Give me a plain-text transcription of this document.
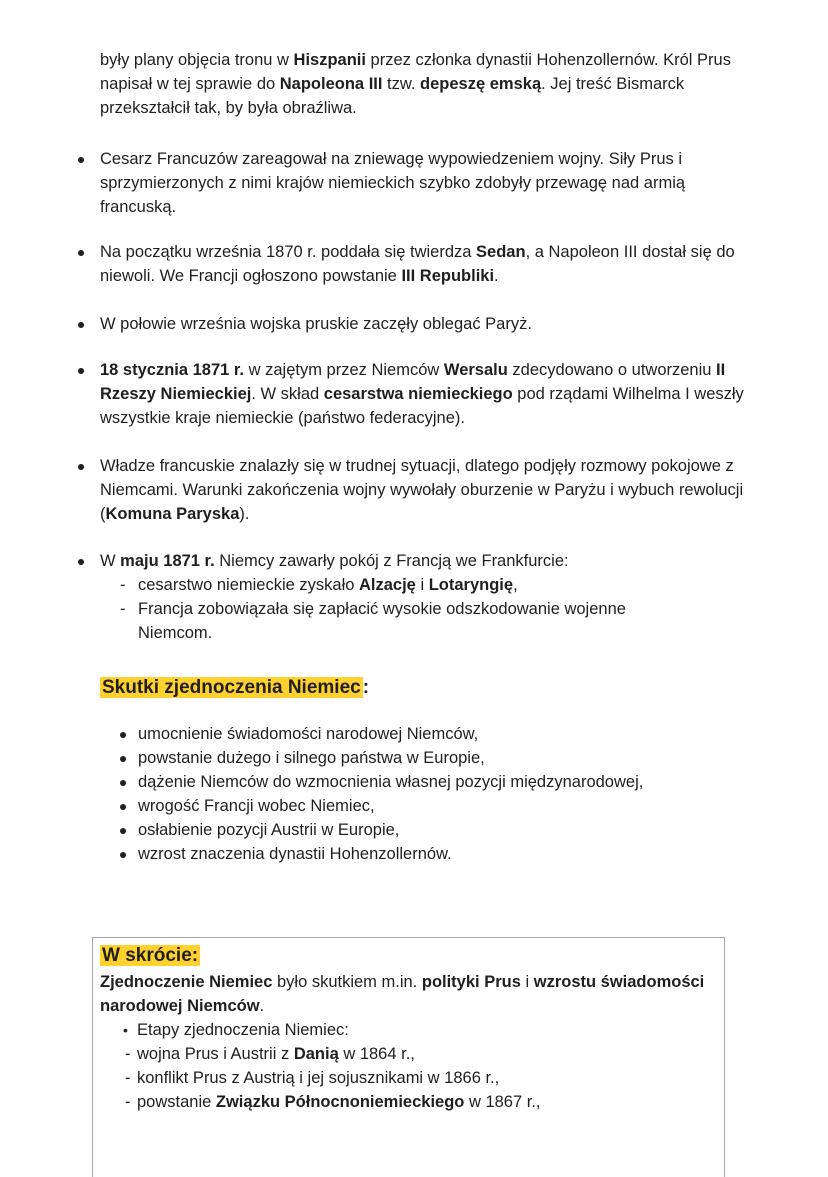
były plany objęcia tronu w Hiszpanii przez członka dynastii Hohenzollernów. Król Prus napisał w tej sprawie do Napoleona III tzw. depeszę emską. Jej treść Bismarck przekształcił tak, by była obraźliwa.

Cesarz Francuzów zareagował na zniewagę wypowiedzeniem wojny. Siły Prus i sprzymierzonych z nimi krajów niemieckich szybko zdobyły przewagę nad armią francuską.
Na początku września 1870 r. poddała się twierdza Sedan, a Napoleon III dostał się do niewoli. We Francji ogłoszono powstanie III Republiki.
W połowie września wojska pruskie zaczęły oblegać Paryż.
18 stycznia 1871 r. w zajętym przez Niemców Wersalu zdecydowano o utworzeniu II Rzeszy Niemieckiej. W skład cesarstwa niemieckiego pod rządami Wilhelma I weszły wszystkie kraje niemieckie (państwo federacyjne).
Władze francuskie znalazły się w trudnej sytuacji, dlatego podjęły rozmowy pokojowe z Niemcami. Warunki zakończenia wojny wywołały oburzenie w Paryżu i wybuch rewolucji (Komuna Paryska).
W maju 1871 r. Niemcy zawarły pokój z Francją we Frankfurcie:
- cesarstwo niemieckie zyskało Alzację i Lotaryngię,
- Francja zobowiązała się zapłacić wysokie odszkodowanie wojenne Niemcom.
Skutki zjednoczenia Niemiec :
umocnienie świadomości narodowej Niemców,
powstanie dużego i silnego państwa w Europie,
dążenie Niemców do wzmocnienia własnej pozycji międzynarodowej,
wrogość Francji wobec Niemiec,
osłabienie pozycji Austrii w Europie,
wzrost znaczenia dynastii Hohenzollernów.
W skrócie:
Zjednoczenie Niemiec było skutkiem m.in. polityki Prus i wzrostu świadomości narodowej Niemców.
• Etapy zjednoczenia Niemiec:
- wojna Prus i Austrii z Danią w 1864 r.,
- konflikt Prus z Austrią i jej sojusznikami w 1866 r.,
- powstanie Związku Północnoniemieckiego w 1867 r.,
